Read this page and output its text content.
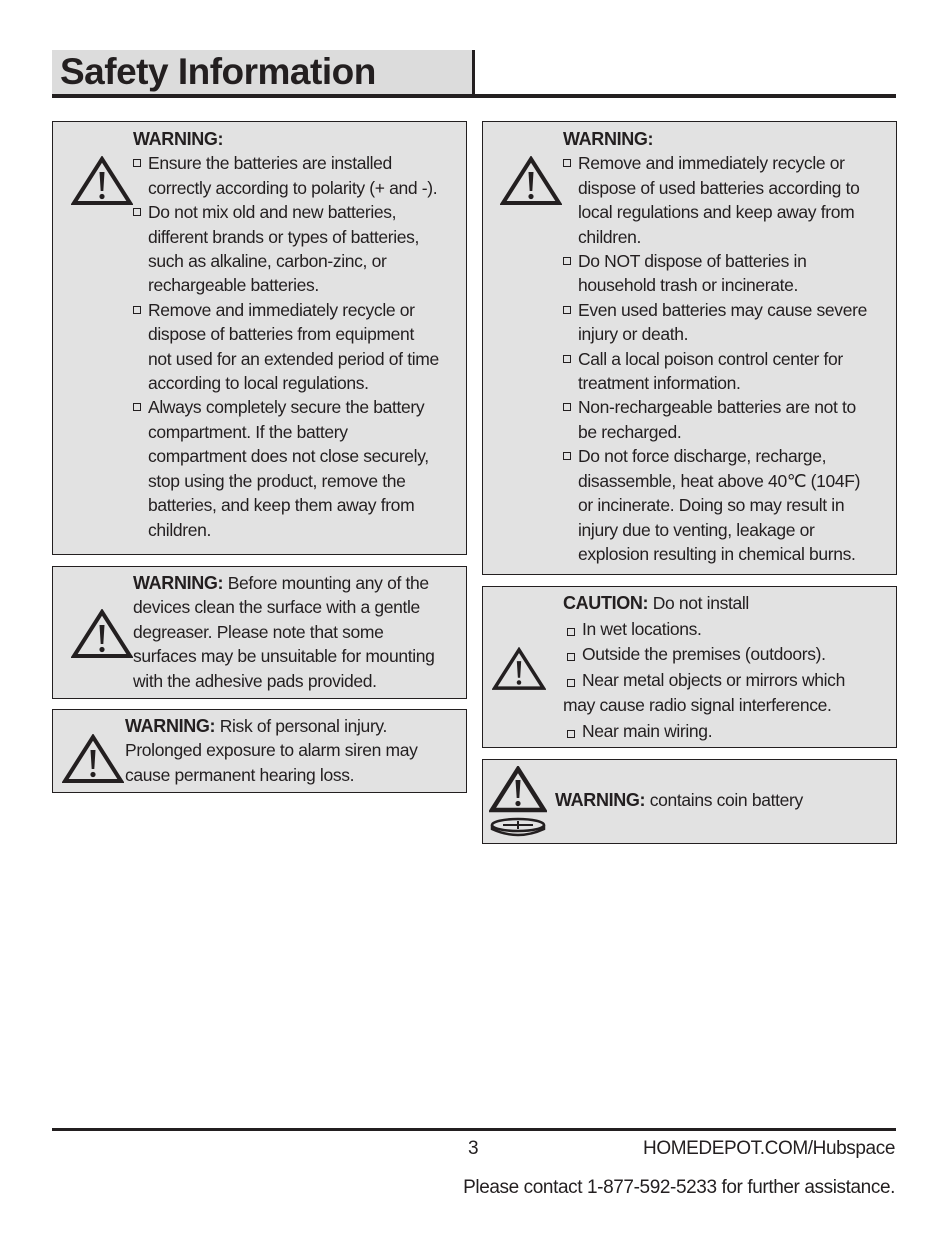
Safety Information
WARNING:
Ensure the batteries are installed
correctly according to polarity (+ and -).
Do not mix old and new batteries,
different brands or types of batteries,
such as alkaline, carbon-zinc, or
rechargeable batteries.
Remove and immediately recycle or
dispose of batteries from equipment
not used for an extended period of time
according to local regulations.
Always completely secure the battery
compartment. If the battery
compartment does not close securely,
stop using the product, remove the
batteries, and keep them away from
children.
WARNING:
Remove and immediately recycle or
dispose of used batteries according to
local regulations and keep away from
children.
Do NOT dispose of batteries in
household trash or incinerate.
Even used batteries may cause severe
injury or death.
Call a local poison control center for
treatment information.
Non-rechargeable batteries are not to
be recharged.
Do not force discharge, recharge,
disassemble, heat above 40℃ (104F)
or incinerate. Doing so may result in
injury due to venting, leakage or
explosion resulting in chemical burns.
WARNING: Before mounting any of the
devices clean the surface with a gentle
degreaser. Please note that some
surfaces may be unsuitable for mounting
with the adhesive pads provided.
WARNING: Risk of personal injury.
Prolonged exposure to alarm siren may
cause permanent hearing loss.
CAUTION: Do not install
In wet locations.
Outside the premises (outdoors).
Near metal objects or mirrors which
may cause radio signal interference.
Near main wiring.
WARNING: contains coin battery
3	HOMEDEPOT.COM/Hubspace
Please contact 1-877-592-5233 for further assistance.
